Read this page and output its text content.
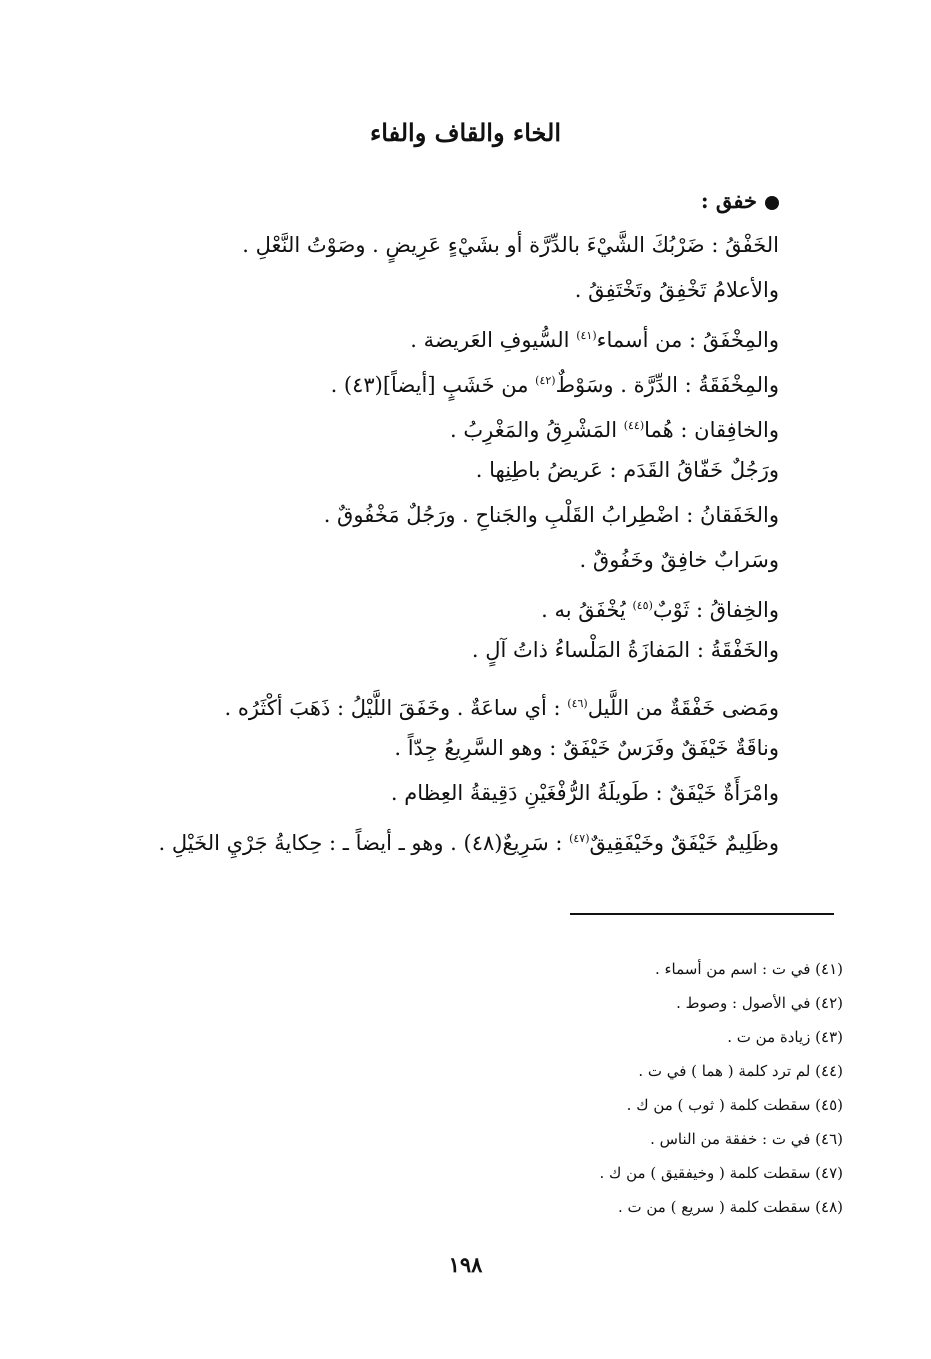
الخاء والقاف والفاء
خفق :
الخَفْقُ : ضَرْبُكَ الشَّيْءَ بالدِّرَّة أو بشَيْءٍ عَرِيضٍ . وصَوْتُ النَّعْلِ .
والأعلامُ تَخْفِقُ وتَخْتَفِقُ .
والمِخْفَقُ : من أسماء$^{(٤١)}$ السُّيوفِ العَريضة .
والمِخْفَقَةُ : الدِّرَّة . وسَوْطٌ$^{(٤٢)}$ من خَشَبٍ [أيضاً](٤٣) .
والخافِقان : هُما$^{(٤٤)}$ المَشْرِقُ والمَغْرِبُ .
ورَجُلٌ خَفّاقُ القَدَم : عَريضُ باطِنِها .
والخَفَقانُ : اضْطِرابُ القَلْبِ والجَناحِ . ورَجُلٌ مَخْفُوقٌ .
وسَرابٌ خافِقٌ وخَفُوقٌ .
والخِفاقُ : ثَوْبٌ$^{(٤٥)}$ يُخْفَقُ به .
والخَفْقَةُ : المَفازَةُ المَلْساءُ ذاتُ آلٍ .
ومَضى خَفْقَةٌ من اللَّيل$^{(٤٦)}$ : أي ساعَةٌ . وخَفَقَ اللَّيْلُ : ذَهَبَ أكْثَرُه .
وناقَةٌ خَيْفَقٌ وفَرَسٌ خَيْفَقٌ : وهو السَّرِيعُ جِدّاً .
وامْرَأَةٌ خَيْفَقٌ : طَويلَةُ الرُّفْغَيْنِ دَقِيقةُ العِظام .
وظَلِيمٌ خَيْفَقٌ وخَيْفَقِيقٌ$^{(٤٧)}$ : سَرِيعٌ(٤٨) . وهو ـ أيضاً ـ : حِكايةُ جَرْيِ الخَيْلِ .
(٤١) في ت : اسم من أسماء .
(٤٢) في الأصول : وصوط .
(٤٣) زيادة من ت .
(٤٤) لم ترد كلمة ( هما ) في ت .
(٤٥) سقطت كلمة ( ثوب ) من ك .
(٤٦) في ت : خفقة من الناس .
(٤٧) سقطت كلمة ( وخيفقيق ) من ك .
(٤٨) سقطت كلمة ( سريع ) من ت .
١٩٨
